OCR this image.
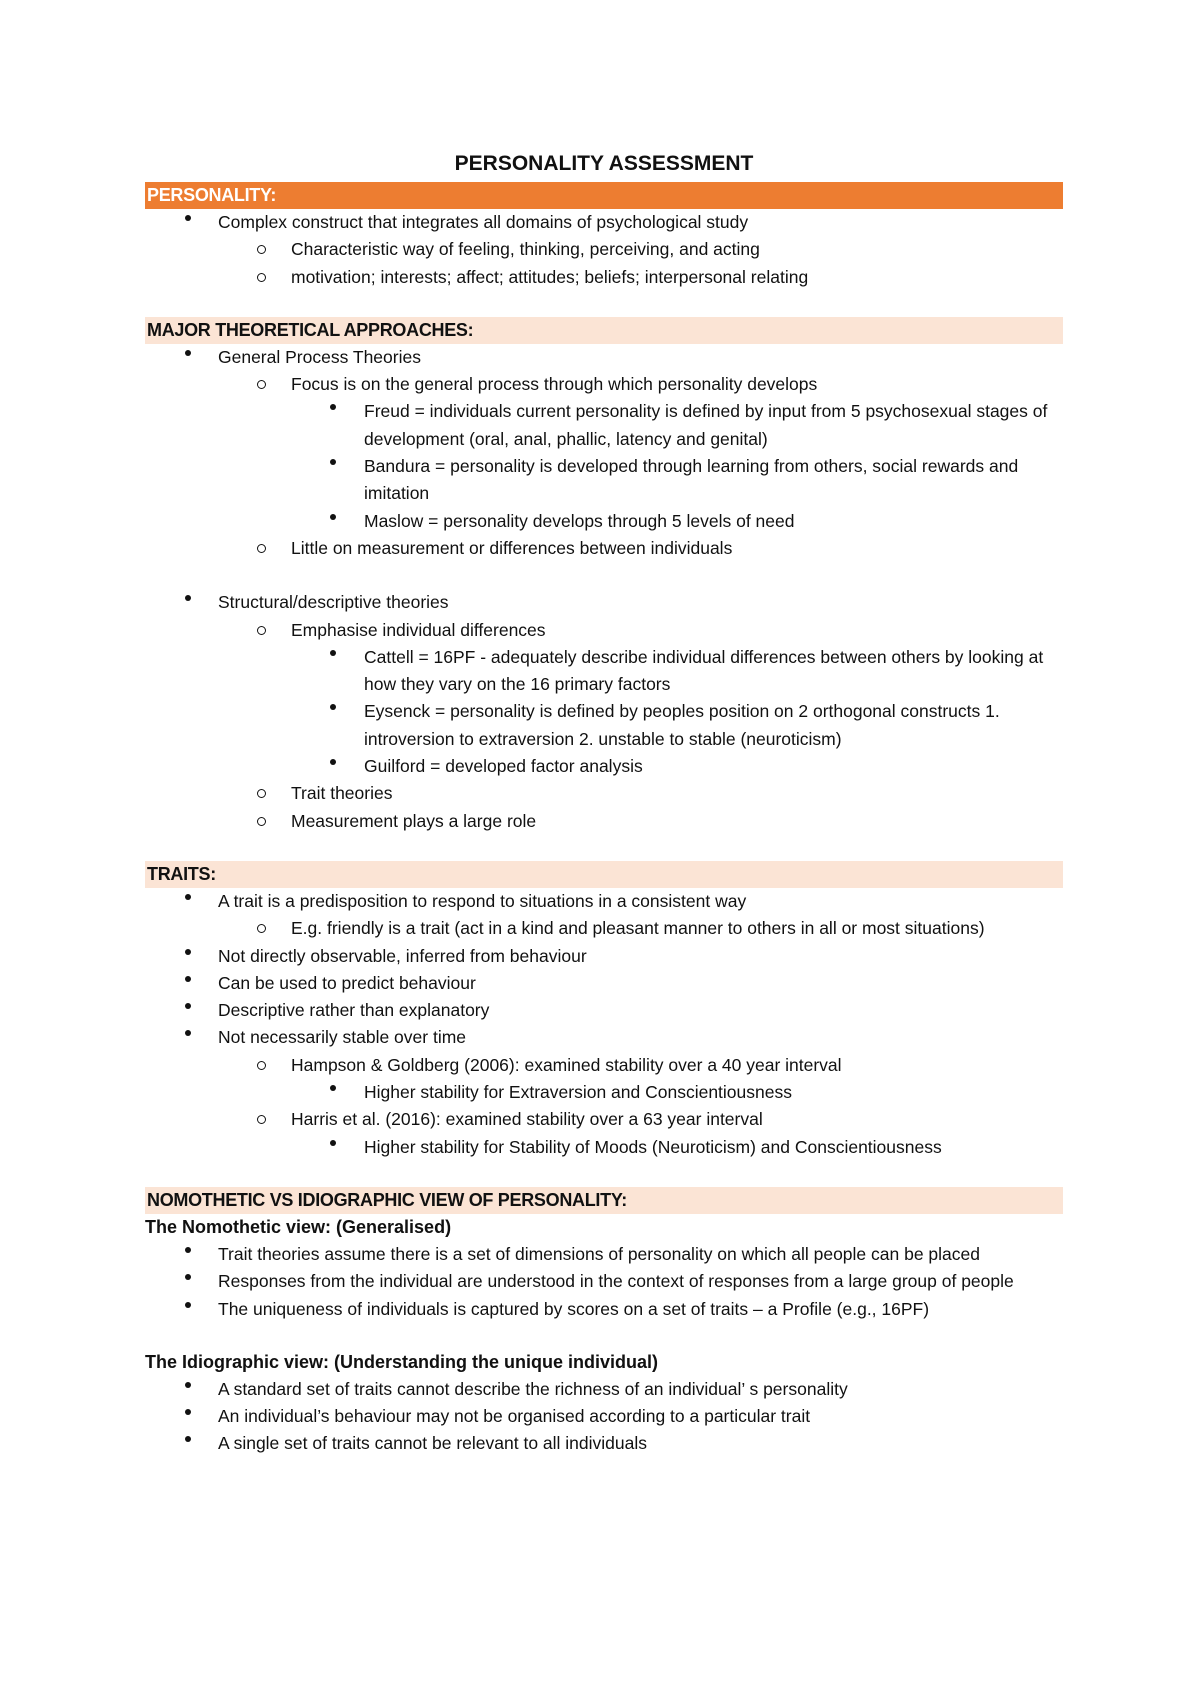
PERSONALITY ASSESSMENT
PERSONALITY:
Complex construct that integrates all domains of psychological study
Characteristic way of feeling, thinking, perceiving, and acting
motivation; interests; affect; attitudes; beliefs; interpersonal relating
MAJOR THEORETICAL APPROACHES:
General Process Theories
Focus is on the general process through which personality develops
Freud = individuals current personality is defined by input from 5 psychosexual stages of development (oral, anal, phallic, latency and genital)
Bandura = personality is developed through learning from others, social rewards and imitation
Maslow = personality develops through 5 levels of need
Little on measurement or differences between individuals
Structural/descriptive theories
Emphasise individual differences
Cattell = 16PF - adequately describe individual differences between others by looking at how they vary on the 16 primary factors
Eysenck = personality is defined by peoples position on 2 orthogonal constructs 1. introversion to extraversion 2. unstable to stable (neuroticism)
Guilford = developed factor analysis
Trait theories
Measurement plays a large role
TRAITS:
A trait is a predisposition to respond to situations in a consistent way
E.g. friendly is a trait (act in a kind and pleasant manner to others in all or most situations)
Not directly observable, inferred from behaviour
Can be used to predict behaviour
Descriptive rather than explanatory
Not necessarily stable over time
Hampson & Goldberg (2006): examined stability over a 40 year interval
Higher stability for Extraversion and Conscientiousness
Harris et al. (2016): examined stability over a 63 year interval
Higher stability for Stability of Moods (Neuroticism) and Conscientiousness
NOMOTHETIC VS IDIOGRAPHIC VIEW OF PERSONALITY:
The Nomothetic view: (Generalised)
Trait theories assume there is a set of dimensions of personality on which all people can be placed
Responses from the individual are understood in the context of responses from a large group of people
The uniqueness of individuals is captured by scores on a set of traits – a Profile (e.g., 16PF)
The Idiographic view: (Understanding the unique individual)
A standard set of traits cannot describe the richness of an individual’ s personality
An individual’s behaviour may not be organised according to a particular trait
A single set of traits cannot be relevant to all individuals
